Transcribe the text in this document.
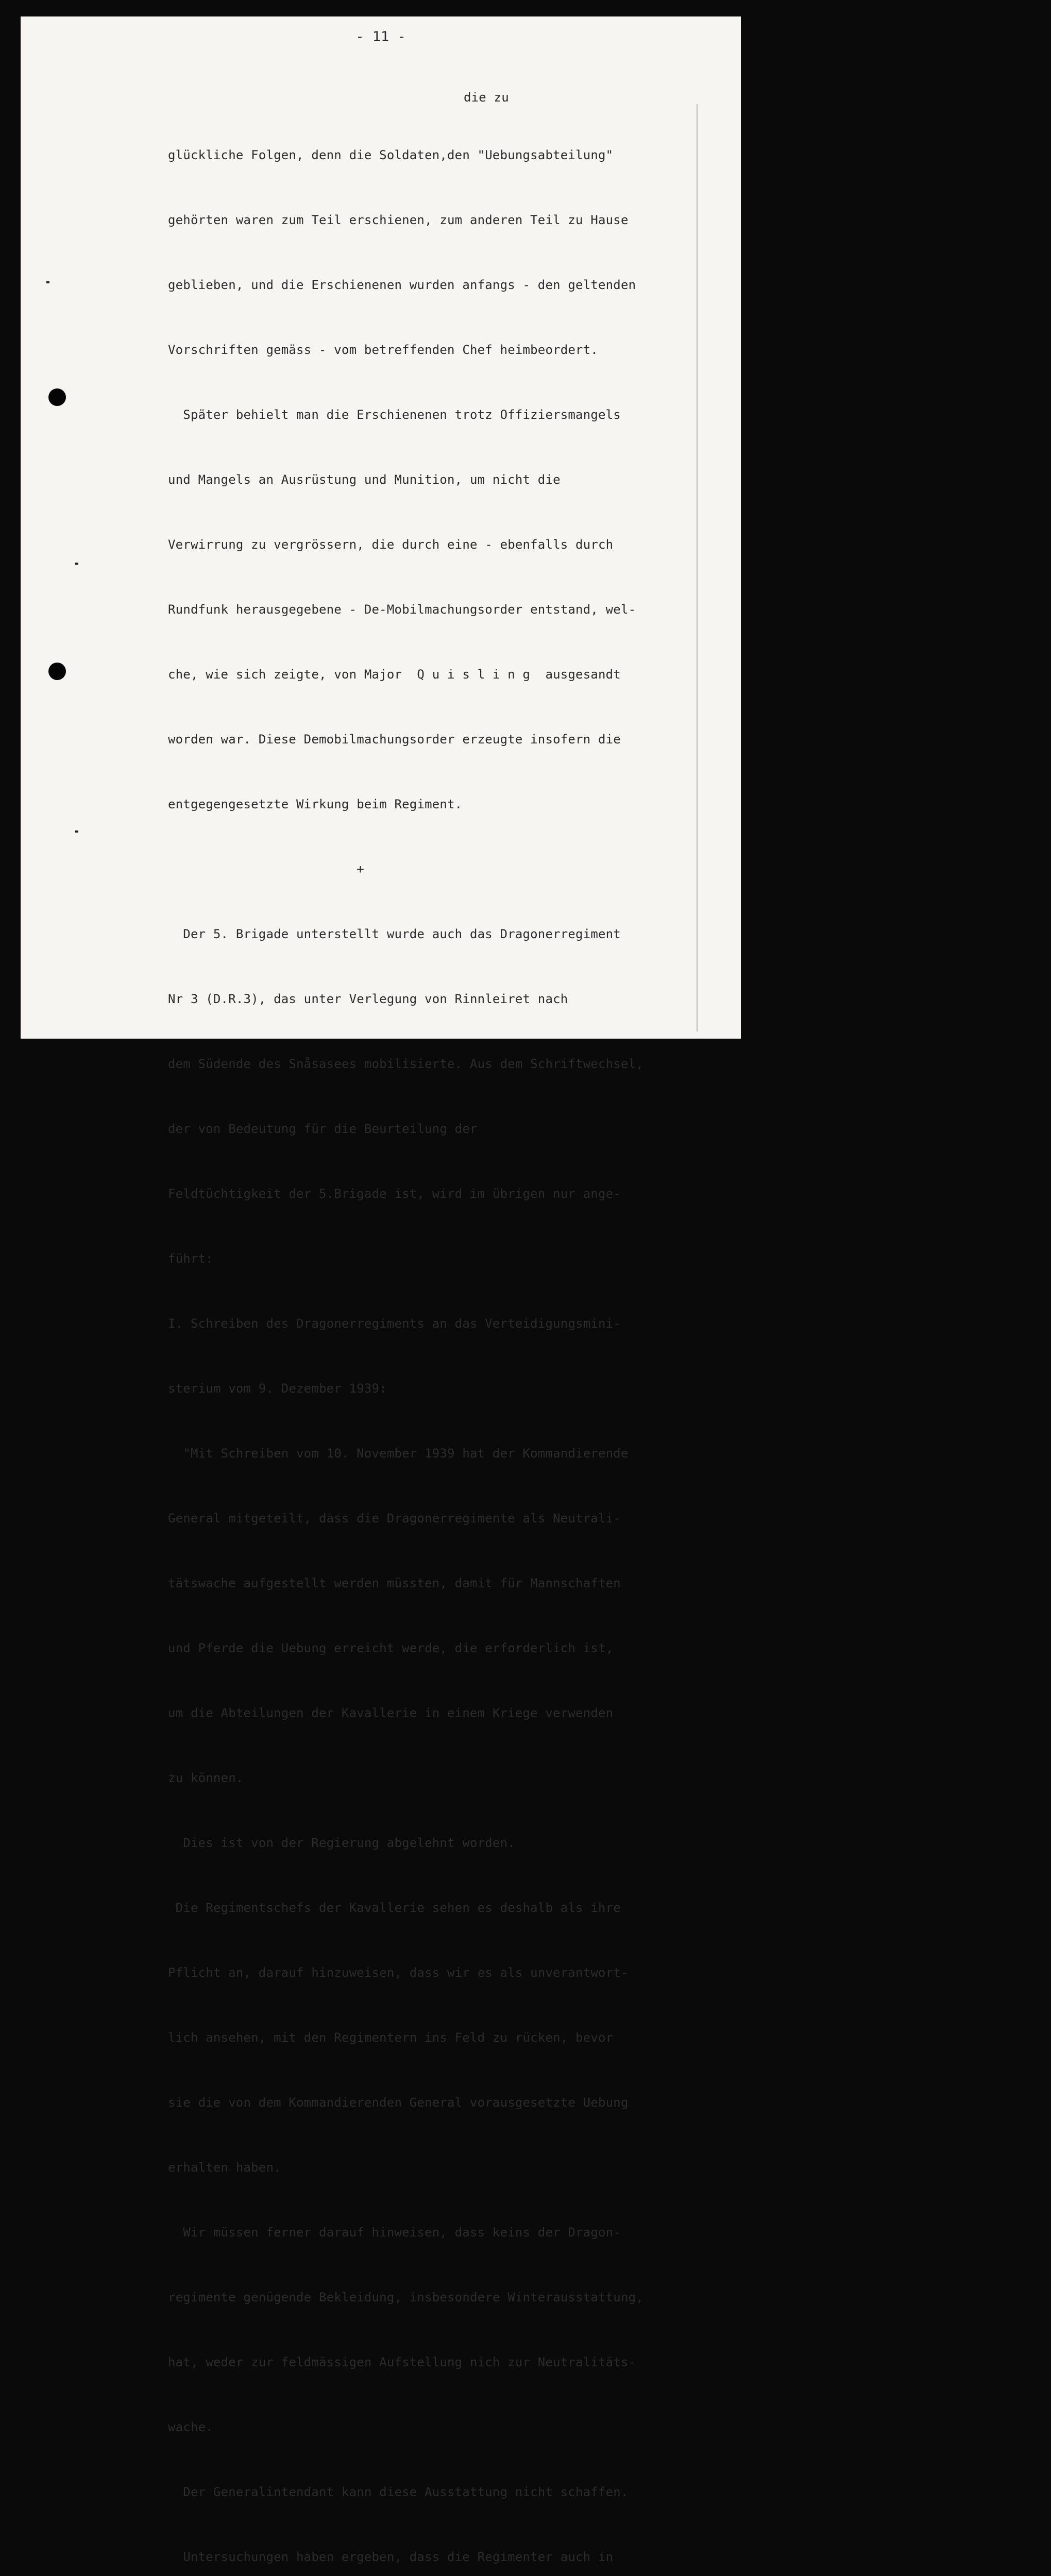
- 11 -
die zu

glückliche Folgen, denn die Soldaten,den "Uebungsabteilung"

gehörten waren zum Teil erschienen, zum anderen Teil zu Hause

geblieben, und die Erschienenen wurden anfangs - den geltenden

Vorschriften gemäss - vom betreffenden Chef heimbeordert.

Später behielt man die Erschienenen trotz Offiziersmangels

und Mangels an Ausrüstung und Munition, um nicht die

Verwirrung zu vergrössern, die durch eine - ebenfalls durch

Rundfunk herausgegebene - De-Mobilmachungsorder entstand, wel-

che, wie sich zeigte, von Major  Q u i s l i n g  ausgesandt

worden war. Diese Demobilmachungsorder erzeugte insofern die

entgegengesetzte Wirkung beim Regiment.

+

Der 5. Brigade unterstellt wurde auch das Dragonerregiment

Nr 3 (D.R.3), das unter Verlegung von Rinnleiret nach

dem Südende des Snåsasees mobilisierte. Aus dem Schriftwechsel,

der von Bedeutung für die Beurteilung der

Feldtüchtigkeit der 5.Brigade ist, wird im übrigen nur ange-

führt:

I. Schreiben des Dragonerregiments an das Verteidigungsmini-

sterium vom 9. Dezember 1939:

"Mit Schreiben vom 10. November 1939 hat der Kommandierende

General mitgeteilt, dass die Dragonerregimente als Neutrali-

tätswache aufgestellt werden müssten, damit für Mannschaften

und Pferde die Uebung erreicht werde, die erforderlich ist,

um die Abteilungen der Kavallerie in einem Kriege verwenden

zu können.

Dies ist von der Regierung abgelehnt worden.

Die Regimentschefs der Kavallerie sehen es deshalb als ihre

Pflicht an, darauf hinzuweisen, dass wir es als unverantwort-

lich ansehen, mit den Regimentern ins Feld zu rücken, bevor

sie die von dem Kommandierenden General vorausgesetzte Uebung

erhalten haben.

Wir müssen ferner darauf hinweisen, dass keins der Dragon-

regimente genügende Bekleidung, insbesondere Winterausstattung,

hat, weder zur feldmässigen Aufstellung nich zur Neutralitäts-

wache.

Der Generalintendant kann diese Ausstattung nicht schaffen.

Untersuchungen haben ergeben, dass die Regimenter auch in
